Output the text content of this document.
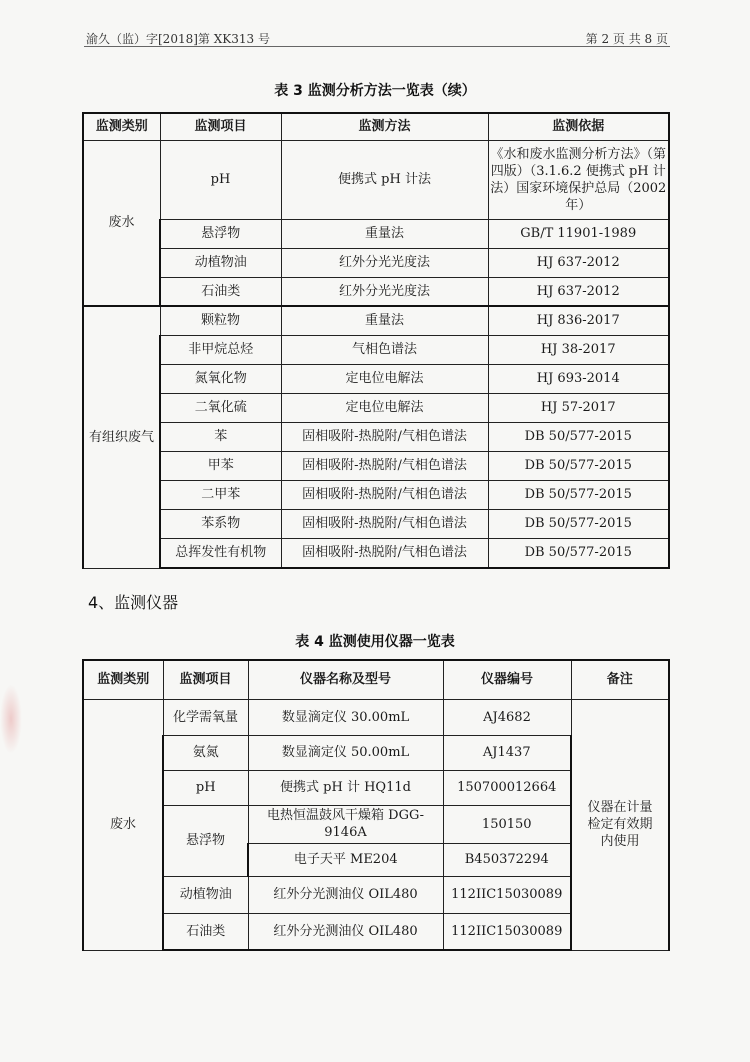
渝久（监）字[2018]第 XK313 号	第 2 页 共 8 页
表 3 监测分析方法一览表（续）
监测类别	监测项目	监测方法	监测依据
废水	pH	便携式 pH 计法	《水和废水监测分析方法》（第四版）（3.1.6.2 便携式 pH 计法）国家环境保护总局（2002 年）
	悬浮物	重量法	GB/T 11901-1989
	动植物油	红外分光光度法	HJ 637-2012
	石油类	红外分光光度法	HJ 637-2012
有组织废气	颗粒物	重量法	HJ 836-2017
	非甲烷总烃	气相色谱法	HJ 38-2017
	氮氧化物	定电位电解法	HJ 693-2014
	二氧化硫	定电位电解法	HJ 57-2017
	苯	固相吸附-热脱附/气相色谱法	DB 50/577-2015
	甲苯	固相吸附-热脱附/气相色谱法	DB 50/577-2015
	二甲苯	固相吸附-热脱附/气相色谱法	DB 50/577-2015
	苯系物	固相吸附-热脱附/气相色谱法	DB 50/577-2015
	总挥发性有机物	固相吸附-热脱附/气相色谱法	DB 50/577-2015
4、监测仪器
表 4 监测使用仪器一览表
监测类别	监测项目	仪器名称及型号	仪器编号	备注
废水	化学需氧量	数显滴定仪 30.00mL	AJ4682	仪器在计量检定有效期内使用
	氨氮	数显滴定仪 50.00mL	AJ1437	
	pH	便携式 pH 计 HQ11d	150700012664	
	悬浮物	电热恒温鼓风干燥箱 DGG-9146A	150150	
		电子天平 ME204	B450372294	
	动植物油	红外分光测油仪 OIL480	112IIC15030089	
	石油类	红外分光测油仪 OIL480	112IIC15030089	
